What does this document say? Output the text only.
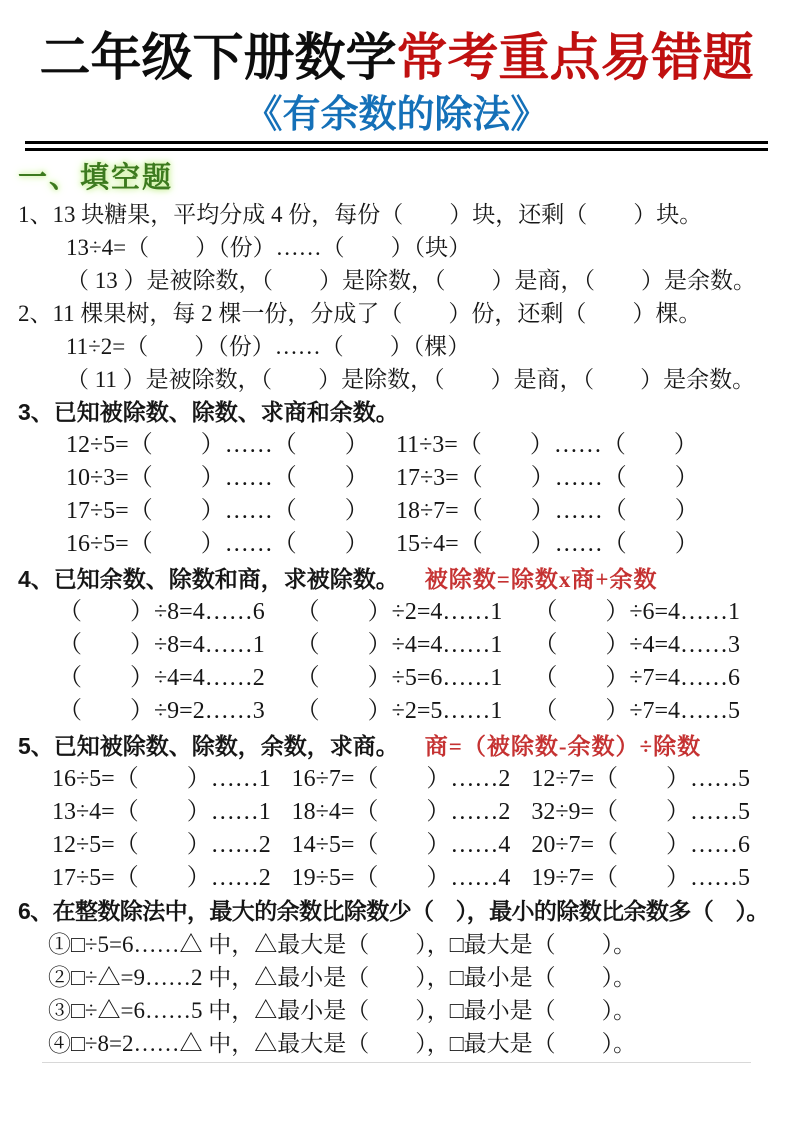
二年级下册数学常考重点易错题
《有余数的除法》
一、填空题
1、13 块糖果，平均分成 4 份，每份（　　）块，还剩（　　）块。
13÷4=（　　）（份）……（　　）（块）
（ 13 ）是被除数，（　　）是除数，（　　）是商，（　　）是余数。
2、11 棵果树，每 2 棵一份，分成了（　　）份，还剩（　　）棵。
11÷2=（　　）（份）……（　　）（棵）
（ 11 ）是被除数，（　　）是除数，（　　）是商，（　　）是余数。
3、已知被除数、除数、求商和余数。
12÷5=（　　）……（　　）	11÷3=（　　）……（　　）
10÷3=（　　）……（　　）	17÷3=（　　）……（　　）
17÷5=（　　）……（　　）	18÷7=（　　）……（　　）
16÷5=（　　）……（　　）	15÷4=（　　）……（　　）
4、已知余数、除数和商，求被除数。 被除数=除数x商+余数
（　　）÷8=4……6	（　　）÷2=4……1	（　　）÷6=4……1
（　　）÷8=4……1	（　　）÷4=4……1	（　　）÷4=4……3
（　　）÷4=4……2	（　　）÷5=6……1	（　　）÷7=4……6
（　　）÷9=2……3	（　　）÷2=5……1	（　　）÷7=4……5
5、已知被除数、除数，余数，求商。 商=（被除数-余数）÷除数
16÷5=（　　）……1 16÷7=（　　）……2 12÷7=（　　）……5
13÷4=（　　）……1 18÷4=（　　）……2 32÷9=（　　）……5
12÷5=（　　）……2 14÷5=（　　）……4 20÷7=（　　）……6
17÷5=（　　）……2 19÷5=（　　）……4 19÷7=（　　）……5
6、在整数除法中，最大的余数比除数少（　），最小的除数比余数多（　）。
①□÷5=6……△ 中，△最大是（　　），□最大是（　　）。
②□÷△=9……2 中，△最小是（　　），□最小是（　　）。
③□÷△=6……5 中，△最小是（　　），□最小是（　　）。
④□÷8=2……△ 中，△最大是（　　），□最大是（　　）。
